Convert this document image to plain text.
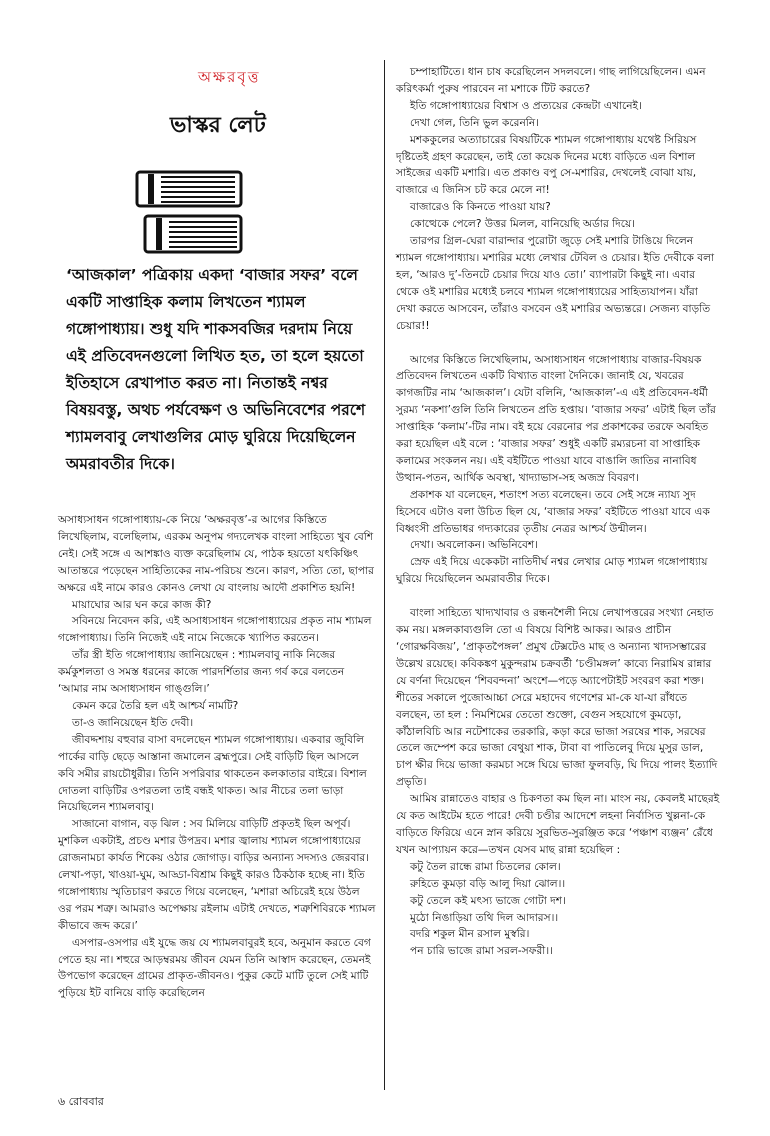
অক্ষরবৃত্ত
ভাস্কর লেট

‘আজকাল’ পত্রিকায় একদা ‘বাজার সফর’ বলে একটি সাপ্তাহিক কলাম লিখতেন শ্যামল গঙ্গোপাধ্যায়। শুধু যদি শাকসবজির দরদাম নিয়ে এই প্রতিবেদনগুলো লিখিত হত, তা হলে হয়তো ইতিহাসে রেখাপাত করত না। নিতান্তই নশ্বর বিষয়বস্তু, অথচ পর্যবেক্ষণ ও অভিনিবেশের পরশে শ্যামলবাবু লেখাগুলির মোড় ঘুরিয়ে দিয়েছিলেন অমরাবতীর দিকে।

অসাধ্যসাধন গঙ্গোপাধ্যায়-কে নিয়ে ‘অক্ষরবৃত্ত’-র আগের কিস্তিতে লিখেছিলাম, বলেছিলাম, এরকম অনুপম গদ্যলেখক বাংলা সাহিত্যে খুব বেশি নেই। সেই সঙ্গে এ আশঙ্কাও ব্যক্ত করেছিলাম যে, পাঠক হয়তো যৎকিঞ্চিৎ আতান্তরে পড়েছেন সাহিত্যিকের নাম-পরিচয় শুনে। কারণ, সত্যি তো, ছাপার অক্ষরে এই নামে কারও কোনও লেখা যে বাংলায় আদৌ প্রকাশিত হয়নি!

মায়াঘোর আর ঘন করে কাজ কী?

সবিনয়ে নিবেদন করি, এই অসাধ্যসাধন গঙ্গোপাধ্যায়ের প্রকৃত নাম শ্যামল গঙ্গোপাধ্যায়। তিনি নিজেই এই নামে নিজেকে খ্যাপিত করতেন।

তাঁর স্ত্রী ইতি গঙ্গোপাধ্যায় জানিয়েছেন : শ্যামলবাবু নাকি নিজের কর্মকুশলতা ও সমস্ত ধরনের কাজে পারদর্শিতার জন্য গর্ব করে বলতেন ‘আমার নাম অসাধ্যসাধন গাঙ্গুলি।’

কেমন করে তৈরি হল এই আশ্চর্য নামটি?

তা-ও জানিয়েছেন ইতি দেবী।

জীবদ্দশায় বহুবার বাসা বদলেছেন শ্যামল গঙ্গোপাধ্যায়। একবার জুবিলি পার্কের বাড়ি ছেড়ে আস্তানা জমালেন ব্রহ্মপুরে। সেই বাড়িটি ছিল আসলে কবি সমীর রায়চৌধুরীর। তিনি সপরিবার থাকতেন কলকাতার বাইরে। বিশাল দোতলা বাড়িটির ওপরতলা তাই বন্ধই থাকত। আর নীচের তলা ভাড়া নিয়েছিলেন শ্যামলবাবু।

সাজানো বাগান, বড় ঝিল : সব মিলিয়ে বাড়িটি প্রকৃতই ছিল অপূর্ব। মুশকিল একটাই, প্রচণ্ড মশার উপদ্রব। মশার জ্বালায় শ্যামল গঙ্গোপাধ্যায়ের রোজনামচা কার্যত শিকেয় ওঠার জোগাড়। বাড়ির অন্যান্য সদস্যও জেরবার। লেখা-পড়া, খাওয়া-ঘুম, আড্ডা-বিশ্রাম কিছুই কারও ঠিকঠাক হচ্ছে না। ইতি গঙ্গোপাধ্যায় স্মৃতিচারণ করতে গিয়ে বলেছেন, ‘মশারা অচিরেই হয়ে উঠল ওর পরম শত্রু। আমরাও অপেক্ষায় রইলাম এটাই দেখতে, শত্রুশিবিরকে শ্যামল কীভাবে জব্দ করে।’

এসপার-ওসপার এই যুদ্ধে জয় যে শ্যামলবাবুরই হবে, অনুমান করতে বেগ পেতে হয় না। শহুরে আড়ম্বরময় জীবন যেমন তিনি আস্বাদ করেছেন, তেমনই উপভোগ করেছেন গ্রামের প্রাকৃত-জীবনও। পুকুর কেটে মাটি তুলে সেই মাটি পুড়িয়ে ইট বানিয়ে বাড়ি করেছিলেন

চম্পাহাটিতে। ধান চাষ করেছিলেন সদলবলে। গাছ লাগিয়েছিলেন। এমন করিৎকর্মা পুরুষ পারবেন না মশাকে টিট করতে?

ইতি গঙ্গোপাধ্যায়ের বিশ্বাস ও প্রত্যয়ের কেন্দ্রটা এখানেই।

দেখা গেল, তিনি ভুল করেননি।

মশককুলের অত্যাচারের বিষয়টিকে শ্যামল গঙ্গোপাধ্যায় যথেষ্ট সিরিয়স দৃষ্টিতেই গ্রহণ করেছেন, তাই তো কয়েক দিনের মধ্যে বাড়িতে এল বিশাল সাইজের একটি মশারি। এত প্রকাণ্ড বপু সে-মশারির, দেখলেই বোঝা যায়, বাজারে এ জিনিস চট করে মেলে না!

বাজারেও কি কিনতে পাওয়া যায়?

কোত্থেকে পেলে? উত্তর মিলল, বানিয়েছি অর্ডার দিয়ে।

তারপর গ্রিল-ঘেরা বারান্দার পুরোটা জুড়ে সেই মশারি টাঙিয়ে দিলেন শ্যামল গঙ্গোপাধ্যায়। মশারির মধ্যে লেখার টেবিল ও চেয়ার। ইতি দেবীকে বলা হল, ‘আরও দু’-তিনটে চেয়ার দিয়ে যাও তো।’ ব্যাপারটা কিছুই না। এবার থেকে ওই মশারির মধ্যেই চলবে শ্যামল গঙ্গোপাধ্যায়ের সাহিত্যযাপন। যাঁরা দেখা করতে আসবেন, তাঁরাও বসবেন ওই মশারির অভ্যন্তরে। সেজন্য বাড়তি চেয়ার!!

আগের কিস্তিতে লিখেছিলাম, অসাধ্যসাধন গঙ্গোপাধ্যায় বাজার-বিষয়ক প্রতিবেদন লিখতেন একটি বিখ্যাত বাংলা দৈনিকে। জানাই যে, খবরের কাগজটির নাম ‘আজকাল’। যেটা বলিনি, ‘আজকাল’-এ এই প্রতিবেদন-ধর্মী সুরম্য ‘নকশা’গুলি তিনি লিখতেন প্রতি হপ্তায়। ‘বাজার সফর’ এটাই ছিল তাঁর সাপ্তাহিক ‘কলাম’-টির নাম। বই হয়ে বেরনোর পর প্রকাশকের তরফে অবহিত করা হয়েছিল এই বলে : ‘বাজার সফর’ শুধুই একটি রম্যরচনা বা সাপ্তাহিক কলামের সংকলন নয়। এই বইটিতে পাওয়া যাবে বাঙালি জাতির নানাবিধ উত্থান-পতন, আর্থিক অবস্থা, খাদ্যাভাস-সহ অজস্র বিবরণ।

প্রকাশক যা বলেছেন, শতাংশ সত্য বলেছেন। তবে সেই সঙ্গে ন্যায্য সুদ হিসেবে এটাও বলা উচিত ছিল যে, ‘বাজার সফর’ বইটিতে পাওয়া যাবে এক বিধ্বংসী প্রতিভাধর গদ্যকারের তৃতীয় নেত্রর আশ্চর্য উন্মীলন।

দেখা। অবলোকন। অভিনিবেশ।

স্রেফ এই দিয়ে একেকটা নাতিদীর্ঘ নশ্বর লেখার মোড় শ্যামল গঙ্গোপাধ্যায় ঘুরিয়ে দিয়েছিলেন অমরাবতীর দিকে।

বাংলা সাহিত্যে খাদ্যখাবার ও রন্ধনশৈলী নিয়ে লেখাপত্তরের সংখ্যা নেহাত কম নয়। মঙ্গলকাব্যগুলি তো এ বিষয়ে বিশিষ্ট আকর। আরও প্রাচীন ‘গোরক্ষবিজয়’, ‘প্রাকৃতপৈঙ্গল’ প্রমুখ টেক্সটেও মাছ ও অন্যান্য খাদ্যসম্ভারের উল্লেখ রয়েছে। কবিকঙ্কণ মুকুন্দরাম চক্রবর্তী ‘চণ্ডীমঙ্গল’ কাব্যে নিরামিষ রান্নার যে বর্ণনা দিয়েছেন ‘শিববন্দনা’ অংশে—পড়ে অ্যাপেটাইট সংবরণ করা শক্ত। শীতের সকালে পুজোআচ্চা সেরে মহাদেব গণেশের মা-কে যা-যা রাঁধতে বলছেন, তা হল : নিমশিমের তেতো শুক্তো, বেগুন সহযোগে কুমড়ো, কাঁঠালবিচি আর নটেশাকের তরকারি, কড়া করে ভাজা সরষের শাক, সরষের তেলে জম্পেশ করে ভাজা বেথুয়া শাক, টাবা বা পাতিলেবু দিয়ে মুসুর ডাল, চাপ ক্ষীর দিয়ে ভাজা করমচা সঙ্গে ঘিয়ে ভাজা ফুলবড়ি, ঘি দিয়ে পালং ইত্যাদি প্রভৃতি।

আমিষ রান্নাতেও বাহার ও চিকণতা কম ছিল না। মাংস নয়, কেবলই মাছেরই যে কত আইটেম হতে পারে! দেবী চণ্ডীর আদেশে লহনা নির্বাসিত খুল্লনা-কে বাড়িতে ফিরিয়ে এনে স্নান করিয়ে সুরভিত-সুরঞ্জিত করে ‘পঞ্চাশ ব্যঞ্জন’ রেঁধে যখন আপ্যায়ন করে—তখন যেসব মাছ রান্না হয়েছিল :

কটু তৈল রান্ধে রামা চিতলের কোল।

রুহিতে কুমড়া বড়ি আলু দিয়া ঝোল।।

কটু তেলে কই মৎস্য ভাজে গোটা দশ।

মুঠো নিঙাড়িয়া তথি দিল আদারস।।

বদরি শকুল মীন রসাল মুস্বরি।

পন চারি ভাজে রামা সরল-সফরী।।

৬ রোববার
